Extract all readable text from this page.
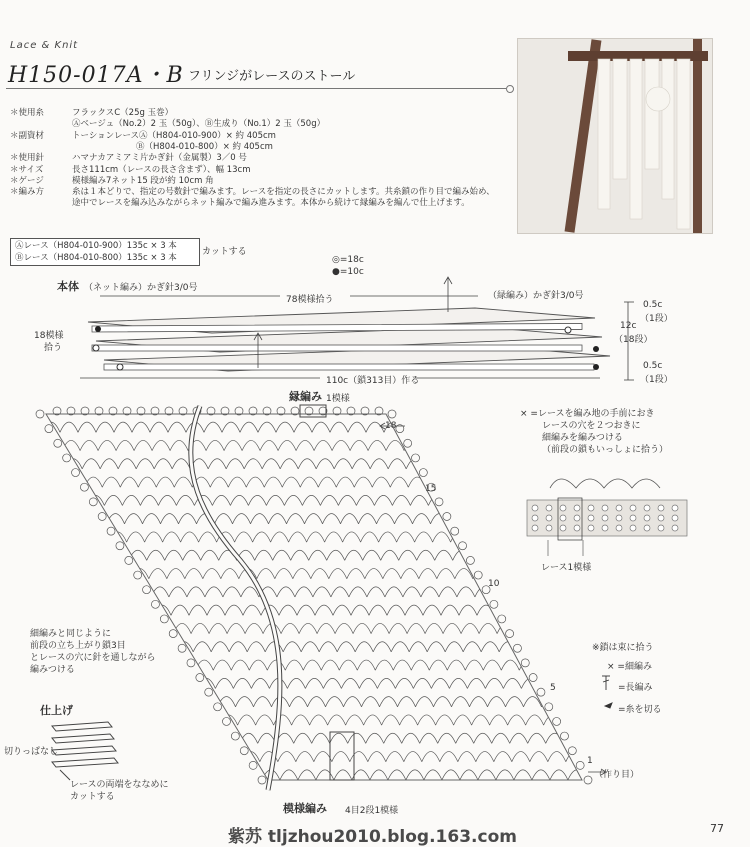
Lace & Knit
H150-017A・B フリンジがレースのストール
＊使用糸	フラックスC（25g 玉巻）
Ⓐベージュ（No.2）2 玉（50g）、Ⓑ生成り（No.1）2 玉（50g）
＊副資材	トーションレースⒶ（H804-010-900）× 約 405cm
Ⓑ（H804-010-800）× 約 405cm
＊使用針	ハマナカアミアミ片かぎ針（金属製）3／0 号
＊サイズ	長さ111cm（レースの長さ含まず）、幅 13cm
＊ゲージ	模様編み7ネット15 段が約 10cm 角
＊編み方	糸は１本どりで、指定の号数針で編みます。レースを指定の長さにカットします。共糸鎖の作り目で編み始め、
途中でレースを編み込みながらネット編みで編み進みます。本体から続けて縁編みを編んで仕上げます。
Ⓐレース（H804-010-900）135c × 3 本
Ⓑレース（H804-010-800）135c × 3 本
カットする
◎=18c
●=10c
本体 （ネット編み）かぎ針3/0号
78模様拾う	（緑編み）かぎ針3/0号
18模様
拾う
110c（鎖313目）作る
0.5c
（1段）
12c
（18段）
0.5c
（1段）
縁編み 1模様
18
15
10
5
1
（作り目）
模様編み 4目2段1模様
細編みと同じように
前段の立ち上がり鎖3目
とレースの穴に針を通しながら
編みつける
× =レースを編み地の手前におき
レースの穴を２つおきに
細編みを編みつける
（前段の鎖もいっしょに拾う）
レース1模様
※鎖は束に拾う
× =細編み
=長編み
=糸を切る
仕上げ
切りっぱなし
レースの両端をななめに
カットする
紫苏 tljzhou2010.blog.163.com	77
